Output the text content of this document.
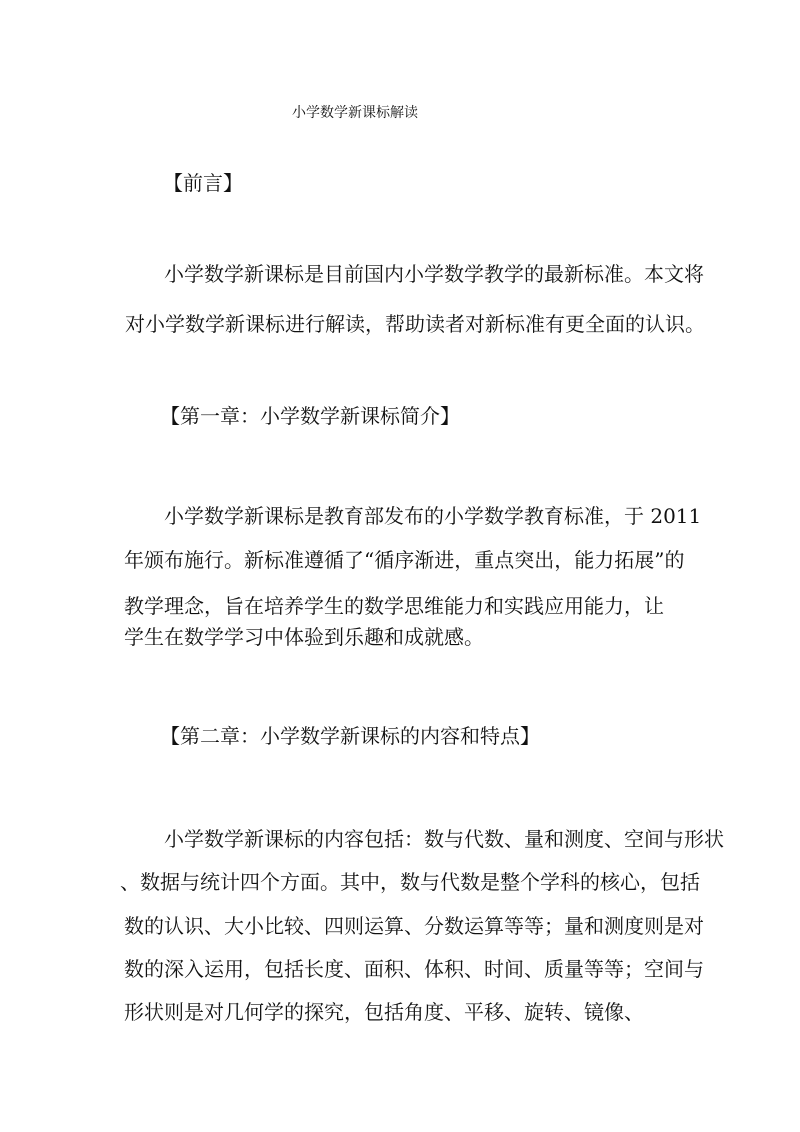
小学数学新课标解读
【前言】
小学数学新课标是目前国内小学数学教学的最新标准。本文将
对小学数学新课标进行解读，帮助读者对新标准有更全面的认识。
【第一章：小学数学新课标简介】
小学数学新课标是教育部发布的小学数学教育标准，于 2011
年颁布施行。新标准遵循了“循序渐进，重点突出，能力拓展”的
教学理念，旨在培养学生的数学思维能力和实践应用能力，让
学生在数学学习中体验到乐趣和成就感。
【第二章：小学数学新课标的内容和特点】
小学数学新课标的内容包括：数与代数、量和测度、空间与形状
、数据与统计四个方面。其中，数与代数是整个学科的核心，包括
数的认识、大小比较、四则运算、分数运算等等；量和测度则是对
数的深入运用，包括长度、面积、体积、时间、质量等等；空间与
形状则是对几何学的探究，包括角度、平移、旋转、镜像、
